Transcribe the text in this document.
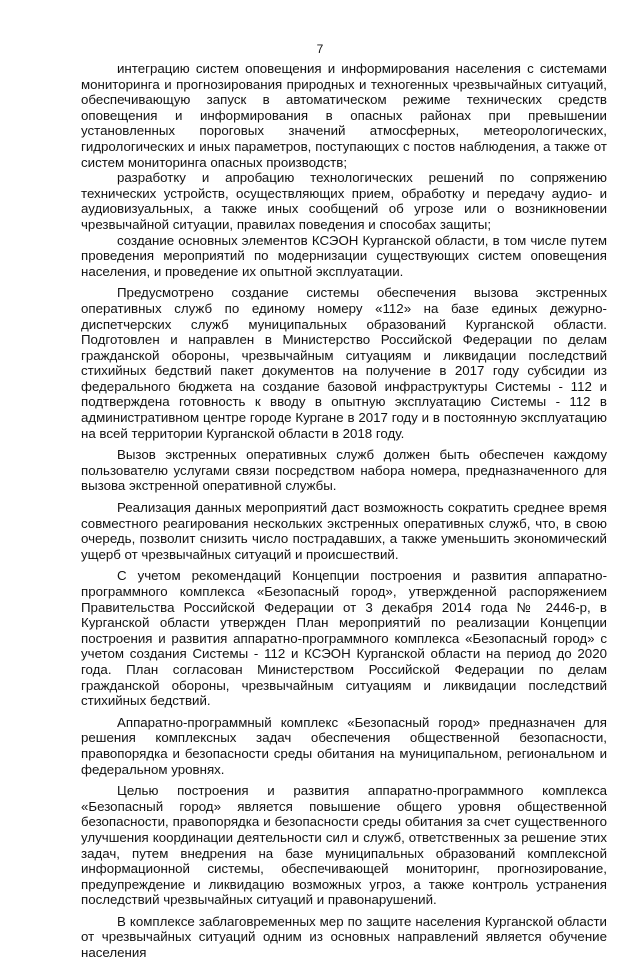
7

интеграцию систем оповещения и информирования населения с системами мониторинга и прогнозирования природных и техногенных чрезвычайных ситуаций, обеспечивающую запуск в автоматическом режиме технических средств оповещения и информирования в опасных районах при превышении установленных пороговых значений атмосферных, метеорологических, гидрологических и иных параметров, поступающих с постов наблюдения, а также от систем мониторинга опасных производств;

разработку и апробацию технологических решений по сопряжению технических устройств, осуществляющих прием, обработку и передачу аудио- и аудиовизуальных, а также иных сообщений об угрозе или о возникновении чрезвычайной ситуации, правилах поведения и способах защиты;

создание основных элементов КСЭОН Курганской области, в том числе путем проведения мероприятий по модернизации существующих систем оповещения населения, и проведение их опытной эксплуатации.

Предусмотрено создание системы обеспечения вызова экстренных оперативных служб по единому номеру «112» на базе единых дежурно-диспетчерских служб муниципальных образований Курганской области. Подготовлен и направлен в Министерство Российской Федерации по делам гражданской обороны, чрезвычайным ситуациям и ликвидации последствий стихийных бедствий пакет документов на получение в 2017 году субсидии из федерального бюджета на создание базовой инфраструктуры Системы - 112 и подтверждена готовность к вводу в опытную эксплуатацию Системы - 112 в административном центре городе Кургане в 2017 году и в постоянную эксплуатацию на всей территории Курганской области в 2018 году.

Вызов экстренных оперативных служб должен быть обеспечен каждому пользователю услугами связи посредством набора номера, предназначенного для вызова экстренной оперативной службы.

Реализация данных мероприятий даст возможность сократить среднее время совместного реагирования нескольких экстренных оперативных служб, что, в свою очередь, позволит снизить число пострадавших, а также уменьшить экономический ущерб от чрезвычайных ситуаций и происшествий.

С учетом рекомендаций Концепции построения и развития аппаратно-программного комплекса «Безопасный город», утвержденной распоряжением Правительства Российской Федерации от 3 декабря 2014 года № 2446-р, в Курганской области утвержден План мероприятий по реализации Концепции построения и развития аппаратно-программного комплекса «Безопасный город» с учетом создания Системы - 112 и КСЭОН Курганской области на период до 2020 года. План согласован Министерством Российской Федерации по делам гражданской обороны, чрезвычайным ситуациям и ликвидации последствий стихийных бедствий.

Аппаратно-программный комплекс «Безопасный город» предназначен для решения комплексных задач обеспечения общественной безопасности, правопорядка и безопасности среды обитания на муниципальном, региональном и федеральном уровнях.

Целью построения и развития аппаратно-программного комплекса «Безопасный город» является повышение общего уровня общественной безопасности, правопорядка и безопасности среды обитания за счет существенного улучшения координации деятельности сил и служб, ответственных за решение этих задач, путем внедрения на базе муниципальных образований комплексной информационной системы, обеспечивающей мониторинг, прогнозирование, предупреждение и ликвидацию возможных угроз, а также контроль устранения последствий чрезвычайных ситуаций и правонарушений.

В комплексе заблаговременных мер по защите населения Курганской области от чрезвычайных ситуаций одним из основных направлений является обучение населения
